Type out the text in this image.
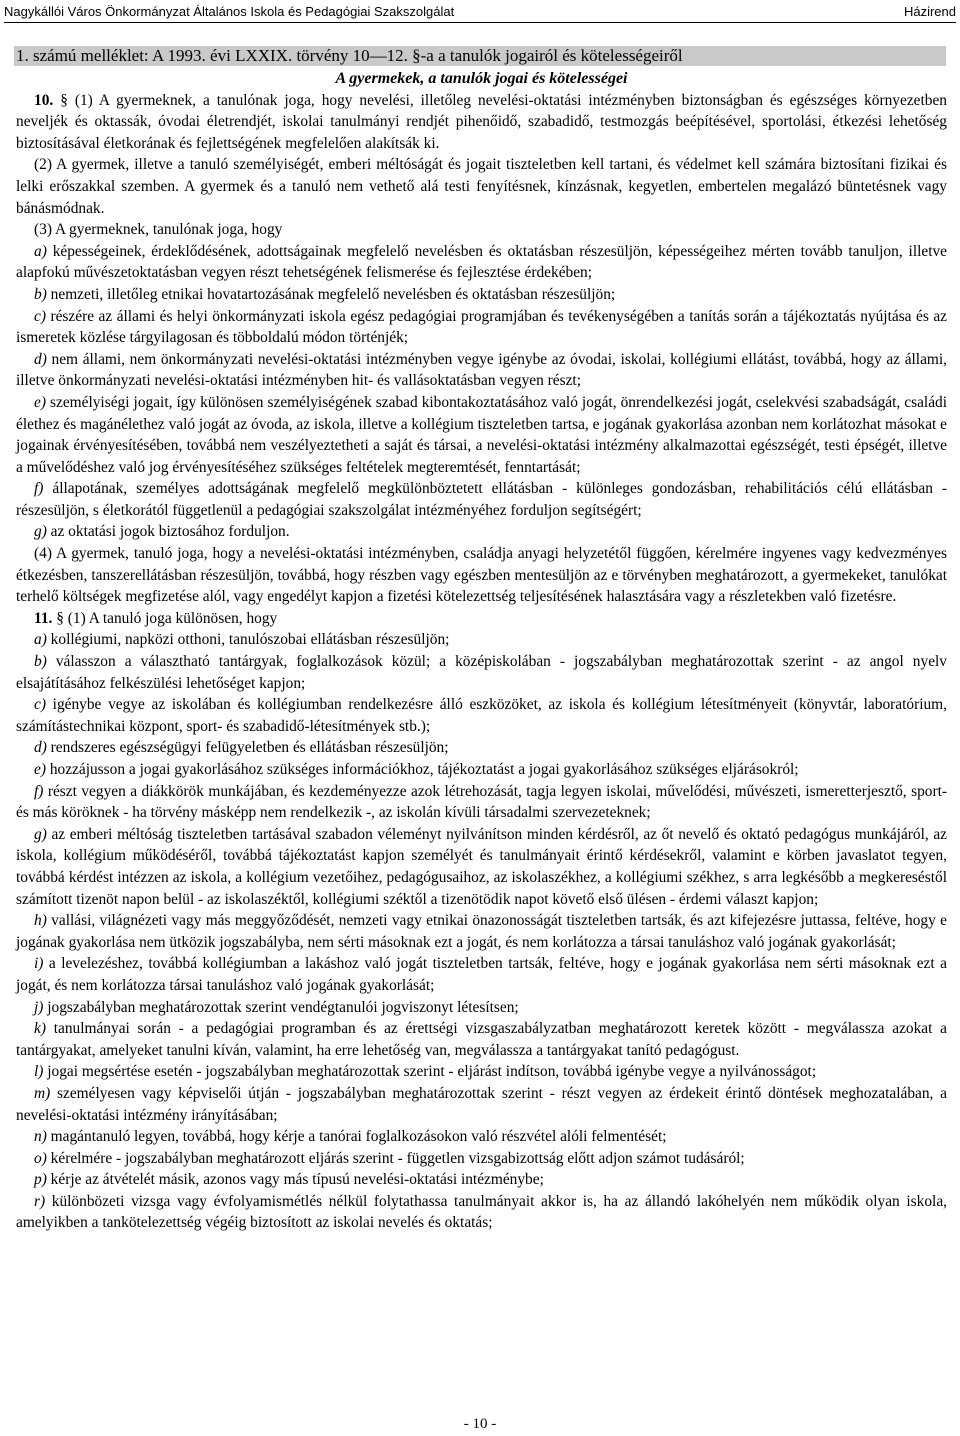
Nagykállói Város Önkormányzat Általános Iskola és Pedagógiai Szakszolgálat	Házirend
1. számú melléklet: A 1993. évi LXXIX. törvény 10—12. §-a a tanulók jogairól és kötelességeiről

A gyermekek, a tanulók jogai és kötelességei

10. § (1) A gyermeknek, a tanulónak joga, hogy nevelési, illetőleg nevelési-oktatási intézményben biztonságban és egészséges környezetben neveljék és oktassák, óvodai életrendjét, iskolai tanulmányi rendjét pihenőidő, szabadidő, testmozgás beépítésével, sportolási, étkezési lehetőség biztosításával életkorának és fejlettségének megfelelően alakítsák ki.

(2) A gyermek, illetve a tanuló személyiségét, emberi méltóságát és jogait tiszteletben kell tartani, és védelmet kell számára biztosítani fizikai és lelki erőszakkal szemben. A gyermek és a tanuló nem vethető alá testi fenyítésnek, kínzásnak, kegyetlen, embertelen megalázó büntetésnek vagy bánásmódnak.

(3) A gyermeknek, tanulónak joga, hogy

a) képességeinek, érdeklődésének, adottságainak megfelelő nevelésben és oktatásban részesüljön, képességeihez mérten tovább tanuljon, illetve alapfokú művészetoktatásban vegyen részt tehetségének felismerése és fejlesztése érdekében;

b) nemzeti, illetőleg etnikai hovatartozásának megfelelő nevelésben és oktatásban részesüljön;

c) részére az állami és helyi önkormányzati iskola egész pedagógiai programjában és tevékenységében a tanítás során a tájékoztatás nyújtása és az ismeretek közlése tárgyilagosan és többoldalú módon történjék;

d) nem állami, nem önkormányzati nevelési-oktatási intézményben vegye igénybe az óvodai, iskolai, kollégiumi ellátást, továbbá, hogy az állami, illetve önkormányzati nevelési-oktatási intézményben hit- és vallásoktatásban vegyen részt;

e) személyiségi jogait, így különösen személyiségének szabad kibontakoztatásához való jogát, önrendelkezési jogát, cselekvési szabadságát, családi élethez és magánélethez való jogát az óvoda, az iskola, illetve a kollégium tiszteletben tartsa, e jogának gyakorlása azonban nem korlátozhat másokat e jogainak érvényesítésében, továbbá nem veszélyeztetheti a saját és társai, a nevelési-oktatási intézmény alkalmazottai egészségét, testi épségét, illetve a művelődéshez való jog érvényesítéséhez szükséges feltételek megteremtését, fenntartását;

f) állapotának, személyes adottságának megfelelő megkülönböztetett ellátásban - különleges gondozásban, rehabilitációs célú ellátásban - részesüljön, s életkorától függetlenül a pedagógiai szakszolgálat intézményéhez forduljon segítségért;

g) az oktatási jogok biztosához forduljon.

(4) A gyermek, tanuló joga, hogy a nevelési-oktatási intézményben, családja anyagi helyzetétől függően, kérelmére ingyenes vagy kedvezményes étkezésben, tanszerellátásban részesüljön, továbbá, hogy részben vagy egészben mentesüljön az e törvényben meghatározott, a gyermekeket, tanulókat terhelő költségek megfizetése alól, vagy engedélyt kapjon a fizetési kötelezettség teljesítésének halasztására vagy a részletekben való fizetésre.

11. § (1) A tanuló joga különösen, hogy

a) kollégiumi, napközi otthoni, tanulószobai ellátásban részesüljön;

b) válasszon a választható tantárgyak, foglalkozások közül; a középiskolában - jogszabályban meghatározottak szerint - az angol nyelv elsajátításához felkészülési lehetőséget kapjon;

c) igénybe vegye az iskolában és kollégiumban rendelkezésre álló eszközöket, az iskola és kollégium létesítményeit (könyvtár, laboratórium, számítástechnikai központ, sport- és szabadidő-létesítmények stb.);

d) rendszeres egészségügyi felügyeletben és ellátásban részesüljön;

e) hozzájusson a jogai gyakorlásához szükséges információkhoz, tájékoztatást a jogai gyakorlásához szükséges eljárásokról;

f) részt vegyen a diákkörök munkájában, és kezdeményezze azok létrehozását, tagja legyen iskolai, művelődési, művészeti, ismeretterjesztő, sport- és más köröknek - ha törvény másképp nem rendelkezik -, az iskolán kívüli társadalmi szervezeteknek;

g) az emberi méltóság tiszteletben tartásával szabadon véleményt nyilvánítson minden kérdésről, az őt nevelő és oktató pedagógus munkájáról, az iskola, kollégium működéséről, továbbá tájékoztatást kapjon személyét és tanulmányait érintő kérdésekről, valamint e körben javaslatot tegyen, továbbá kérdést intézzen az iskola, a kollégium vezetőihez, pedagógusaihoz, az iskolaszékhez, a kollégiumi székhez, s arra legkésőbb a megkereséstől számított tizenöt napon belül - az iskolaszéktől, kollégiumi széktől a tizenötödik napot követő első ülésen - érdemi választ kapjon;

h) vallási, világnézeti vagy más meggyőződését, nemzeti vagy etnikai önazonosságát tiszteletben tartsák, és azt kifejezésre juttassa, feltéve, hogy e jogának gyakorlása nem ütközik jogszabályba, nem sérti másoknak ezt a jogát, és nem korlátozza a társai tanuláshoz való jogának gyakorlását;

i) a levelezéshez, továbbá kollégiumban a lakáshoz való jogát tiszteletben tartsák, feltéve, hogy e jogának gyakorlása nem sérti másoknak ezt a jogát, és nem korlátozza társai tanuláshoz való jogának gyakorlását;

j) jogszabályban meghatározottak szerint vendégtanulói jogviszonyt létesítsen;

k) tanulmányai során - a pedagógiai programban és az érettségi vizsgaszabályzatban meghatározott keretek között - megválassza azokat a tantárgyakat, amelyeket tanulni kíván, valamint, ha erre lehetőség van, megválassza a tantárgyakat tanító pedagógust.

l) jogai megsértése esetén - jogszabályban meghatározottak szerint - eljárást indítson, továbbá igénybe vegye a nyilvánosságot;

m) személyesen vagy képviselői útján - jogszabályban meghatározottak szerint - részt vegyen az érdekeit érintő döntések meghozatalában, a nevelési-oktatási intézmény irányításában;

n) magántanuló legyen, továbbá, hogy kérje a tanórai foglalkozásokon való részvétel alóli felmentését;

o) kérelmére - jogszabályban meghatározott eljárás szerint - független vizsgabizottság előtt adjon számot tudásáról;

p) kérje az átvételét másik, azonos vagy más típusú nevelési-oktatási intézménybe;

r) különbözeti vizsga vagy évfolyamismétlés nélkül folytathassa tanulmányait akkor is, ha az állandó lakóhelyén nem működik olyan iskola, amelyikben a tankötelezettség végéig biztosított az iskolai nevelés és oktatás;

- 10 -
